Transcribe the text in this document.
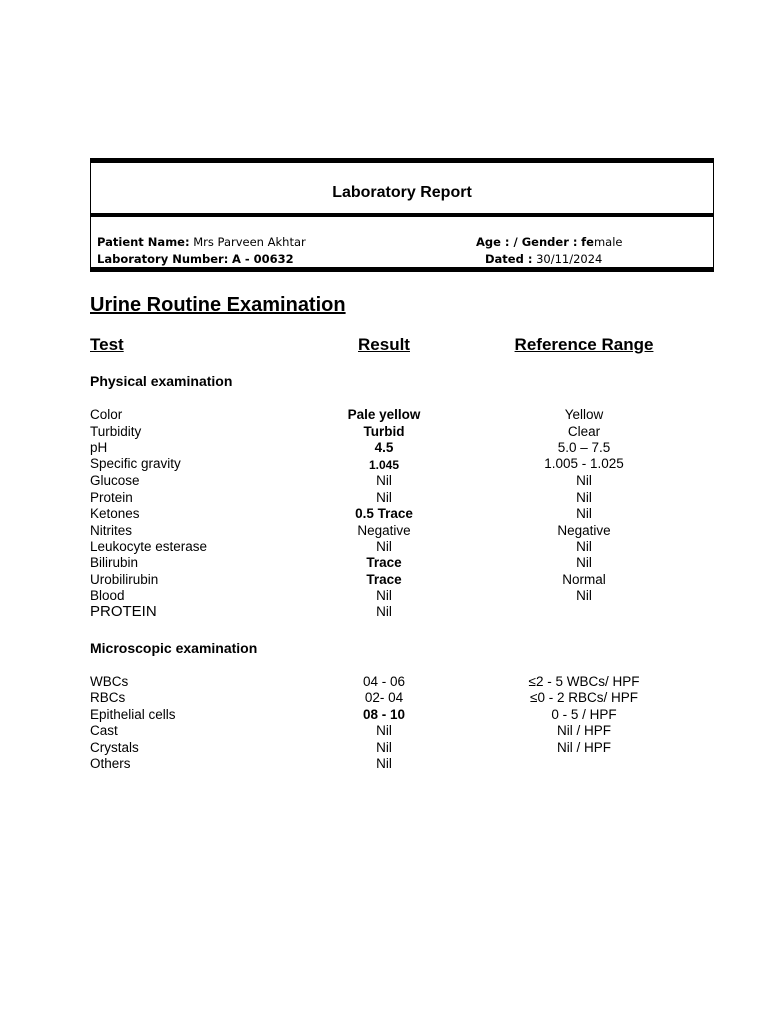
Laboratory Report
Patient Name: Mrs Parveen Akhtar
Laboratory Number: A - 00632
Age : / Gender : female
Dated : 30/11/2024
Urine Routine Examination
Test	Result	Reference Range
Physical examination
Color	Pale yellow	Yellow
Turbidity	Turbid	Clear
pH	4.5	5.0 – 7.5
Specific gravity	1.045	1.005 - 1.025
Glucose	Nil	Nil
Protein	Nil	Nil
Ketones	0.5 Trace	Nil
Nitrites	Negative	Negative
Leukocyte esterase	Nil	Nil
Bilirubin	Trace	Nil
Urobilirubin	Trace	Normal
Blood	Nil	Nil
PROTEIN	Nil
Microscopic examination
WBCs	04 - 06	≤2 - 5 WBCs/ HPF
RBCs	02- 04	≤0 - 2 RBCs/ HPF
Epithelial cells	08 - 10	0 - 5 / HPF
Cast	Nil	Nil / HPF
Crystals	Nil	Nil / HPF
Others	Nil
